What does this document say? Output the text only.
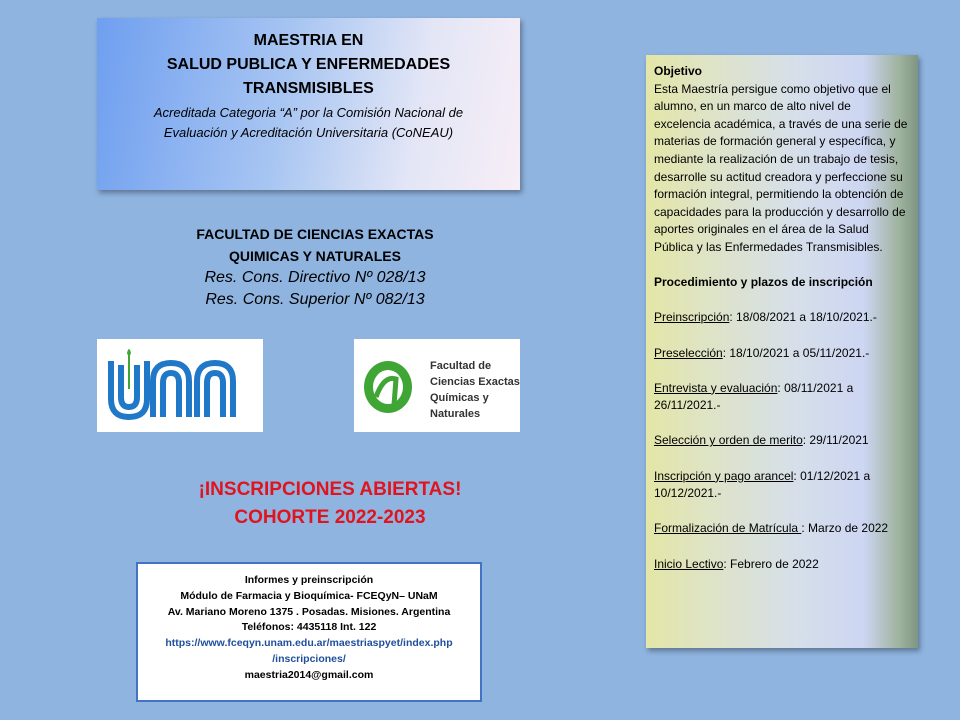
MAESTRIA EN
SALUD PUBLICA Y ENFERMEDADES
TRANSMISIBLES
Acreditada Categoria “A” por la Comisión Nacional de
Evaluación y Acreditación Universitaria (CoNEAU)
FACULTAD DE CIENCIAS EXACTAS
QUIMICAS Y NATURALES
Res. Cons. Directivo Nº 028/13
Res. Cons. Superior Nº 082/13
Facultad de
Ciencias Exactas,
Químicas y
Naturales
¡INSCRIPCIONES ABIERTAS!
COHORTE 2022-2023
Informes y preinscripción
Módulo de Farmacia y Bioquímica- FCEQyN– UNaM
Av. Mariano Moreno 1375 . Posadas. Misiones. Argentina
Teléfonos: 4435118 Int. 122
https://www.fceqyn.unam.edu.ar/maestriaspyet/index.php
/inscripciones/
maestria2014@gmail.com
Objetivo
Esta Maestría persigue como objetivo que el alumno, en un marco de alto nivel de excelencia académica, a través de una serie de materias de formación general y específica, y mediante la realización de un trabajo de tesis, desarrolle su actitud creadora y perfeccione su formación integral, permitiendo la obtención de capacidades para la producción y desarrollo de aportes originales en el área de la Salud Pública y las Enfermedades Transmisibles.
Procedimiento y plazos de inscripción
Preinscripción: 18/08/2021 a 18/10/2021.-
Preselección: 18/10/2021 a 05/11/2021.-
Entrevista y evaluación: 08/11/2021 a 26/11/2021.-
Selección y orden de merito: 29/11/2021
Inscripción y pago arancel: 01/12/2021 a 10/12/2021.-
Formalización de Matrícula : Marzo de 2022
Inicio Lectivo: Febrero de 2022
